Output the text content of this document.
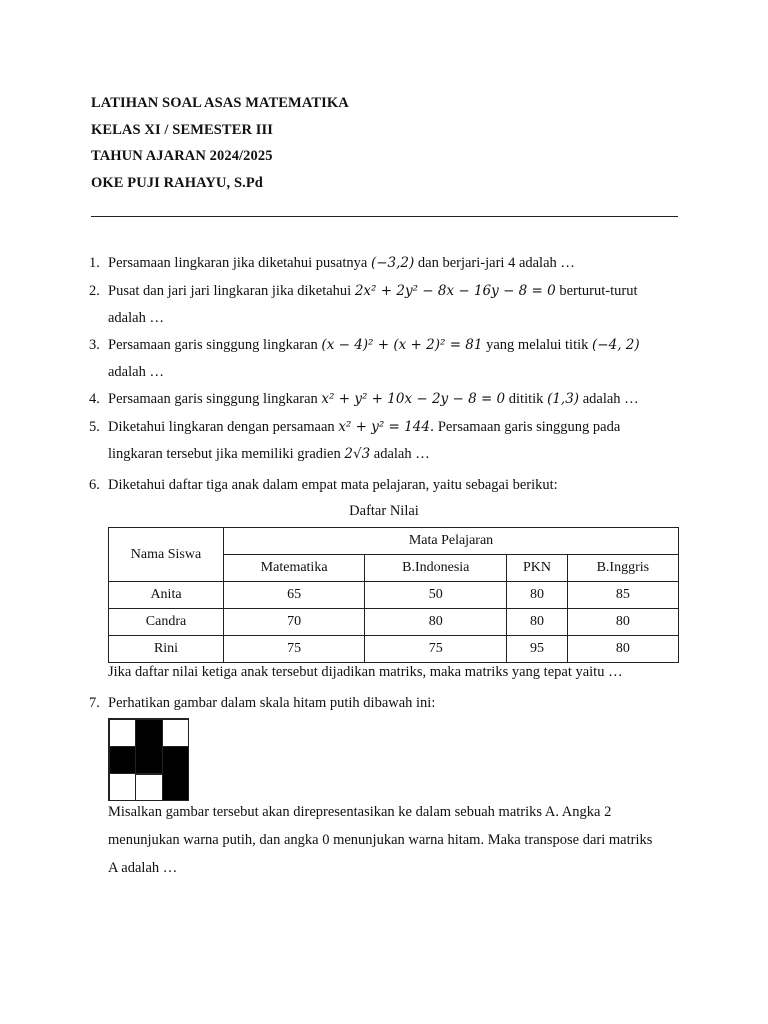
LATIHAN SOAL ASAS MATEMATIKA
KELAS XI / SEMESTER III
TAHUN AJARAN 2024/2025
OKE PUJI RAHAYU, S.Pd
1. Persamaan lingkaran jika diketahui pusatnya (−3,2) dan berjari-jari 4 adalah …
2. Pusat dan jari jari lingkaran jika diketahui 2x² + 2y² − 8x − 16y − 8 = 0 berturut-turut
adalah …
3. Persamaan garis singgung lingkaran (x − 4)² + (x + 2)² = 81 yang melalui titik (−4, 2)
adalah …
4. Persamaan garis singgung lingkaran x² + y² + 10x − 2y − 8 = 0 dititik (1,3) adalah …
5. Diketahui lingkaran dengan persamaan x² + y² = 144. Persamaan garis singgung pada
lingkaran tersebut jika memiliki gradien 2√3 adalah …
6. Diketahui daftar tiga anak dalam empat mata pelajaran, yaitu sebagai berikut:
Daftar Nilai
Nama Siswa	Mata Pelajaran			
	Matematika	B.Indonesia	PKN	B.Inggris
Anita	65	50	80	85
Candra	70	80	80	80
Rini	75	75	95	80
Jika daftar nilai ketiga anak tersebut dijadikan matriks, maka matriks yang tepat yaitu …
7. Perhatikan gambar dalam skala hitam putih dibawah ini:
Misalkan gambar tersebut akan direpresentasikan ke dalam sebuah matriks A. Angka 2
menunjukan warna putih, dan angka 0 menunjukan warna hitam. Maka transpose dari matriks
A adalah …
